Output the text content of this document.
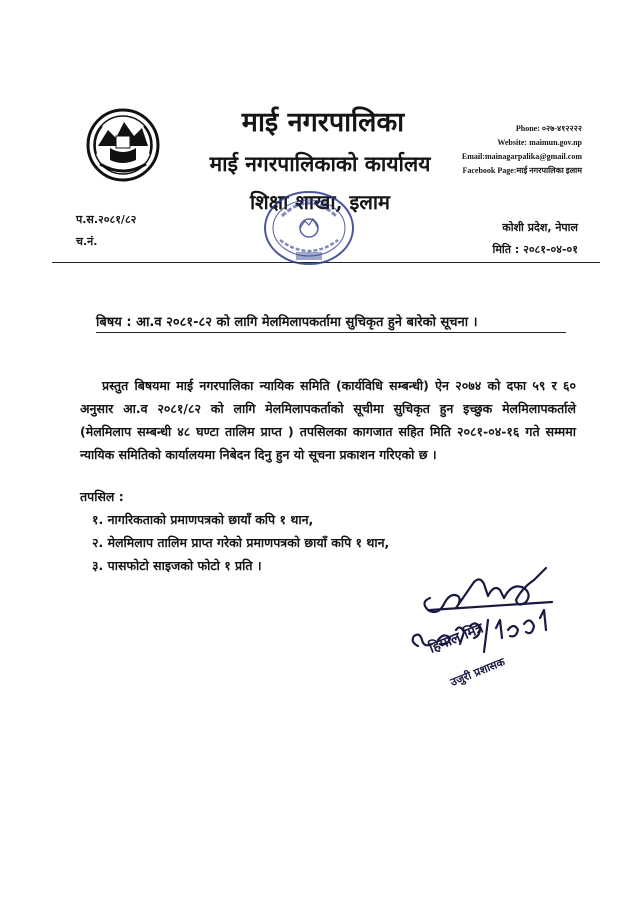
माई नगरपालिका
माई नगरपालिकाको कार्यालय
शिक्षा शाखा, इलाम
Phone: ०२७-४१२२२२
Website: maimun.gov.np
Email:mainagarpalika@gmail.com
Facebook Page:माई नगरपालिका इलाम
प.स.२०८१/८२
च.नं.
कोशी प्रदेश, नेपाल
मिति : २०८१-०४-०१
बिषय : आ.व २०८१-८२ को लागि मेलमिलापकर्तामा सुचिकृत हुने बारेको सूचना ।
प्रस्तुत बिषयमा माई नगरपालिका न्यायिक समिति (कार्यविधि सम्बन्धी) ऐन २०७४ को दफा ५९ र ६० अनुसार आ.व २०८१/८२ को लागि मेलमिलापकर्ताको सूचीमा सुचिकृत हुन इच्छुक मेलमिलापकर्ताले (मेलमिलाप सम्बन्धी ४८ घण्टा तालिम प्राप्त ) तपसिलका कागजात सहित मिति २०८१-०४-१६ गते सम्ममा न्यायिक समितिको कार्यालयमा निबेदन दिनु हुन यो सूचना प्रकाशन गरिएको छ ।
तपसिल :
१. नागरिकताको प्रमाणपत्रको छायाँ कपि १ थान,
२. मेलमिलाप तालिम प्राप्त गरेको प्रमाणपत्रको छायाँ कपि १ थान,
३. पासफोटो साइजको फोटो १ प्रति ।
हिमाल मित्र
उजुरी प्रशासक
